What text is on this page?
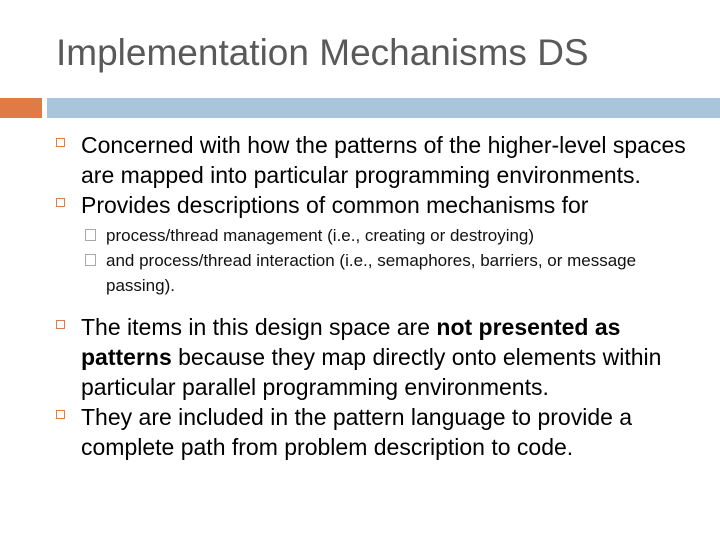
Implementation Mechanisms DS
Concerned with how the patterns of the higher-level spaces are mapped into particular programming environments.
Provides descriptions of common mechanisms for
process/thread management (i.e., creating or destroying)
and process/thread interaction (i.e., semaphores, barriers, or message passing).
The items in this design space are not presented as patterns because they map directly onto elements within particular parallel programming environments.
They are included in the pattern language to provide a complete path from problem description to code.
